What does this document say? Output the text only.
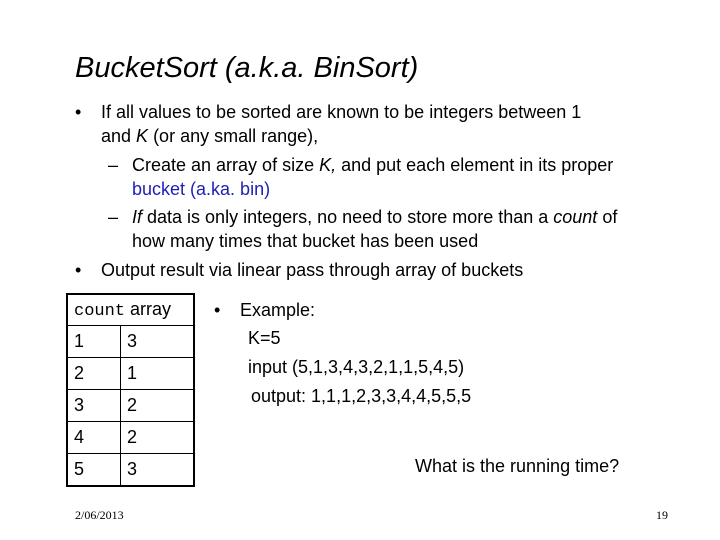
BucketSort (a.k.a. BinSort)
• If all values to be sorted are known to be integers between 1
and K (or any small range),
– Create an array of size K, and put each element in its proper
bucket (a.ka. bin)
– If data is only integers, no need to store more than a count of
how many times that bucket has been used
• Output result via linear pass through array of buckets
count array	
1	3
2	1
3	2
4	2
5	3
• Example:
K=5
input (5,1,3,4,3,2,1,1,5,4,5)
output: 1,1,1,2,3,3,4,4,5,5,5
What is the running time?
2/06/2013	19
